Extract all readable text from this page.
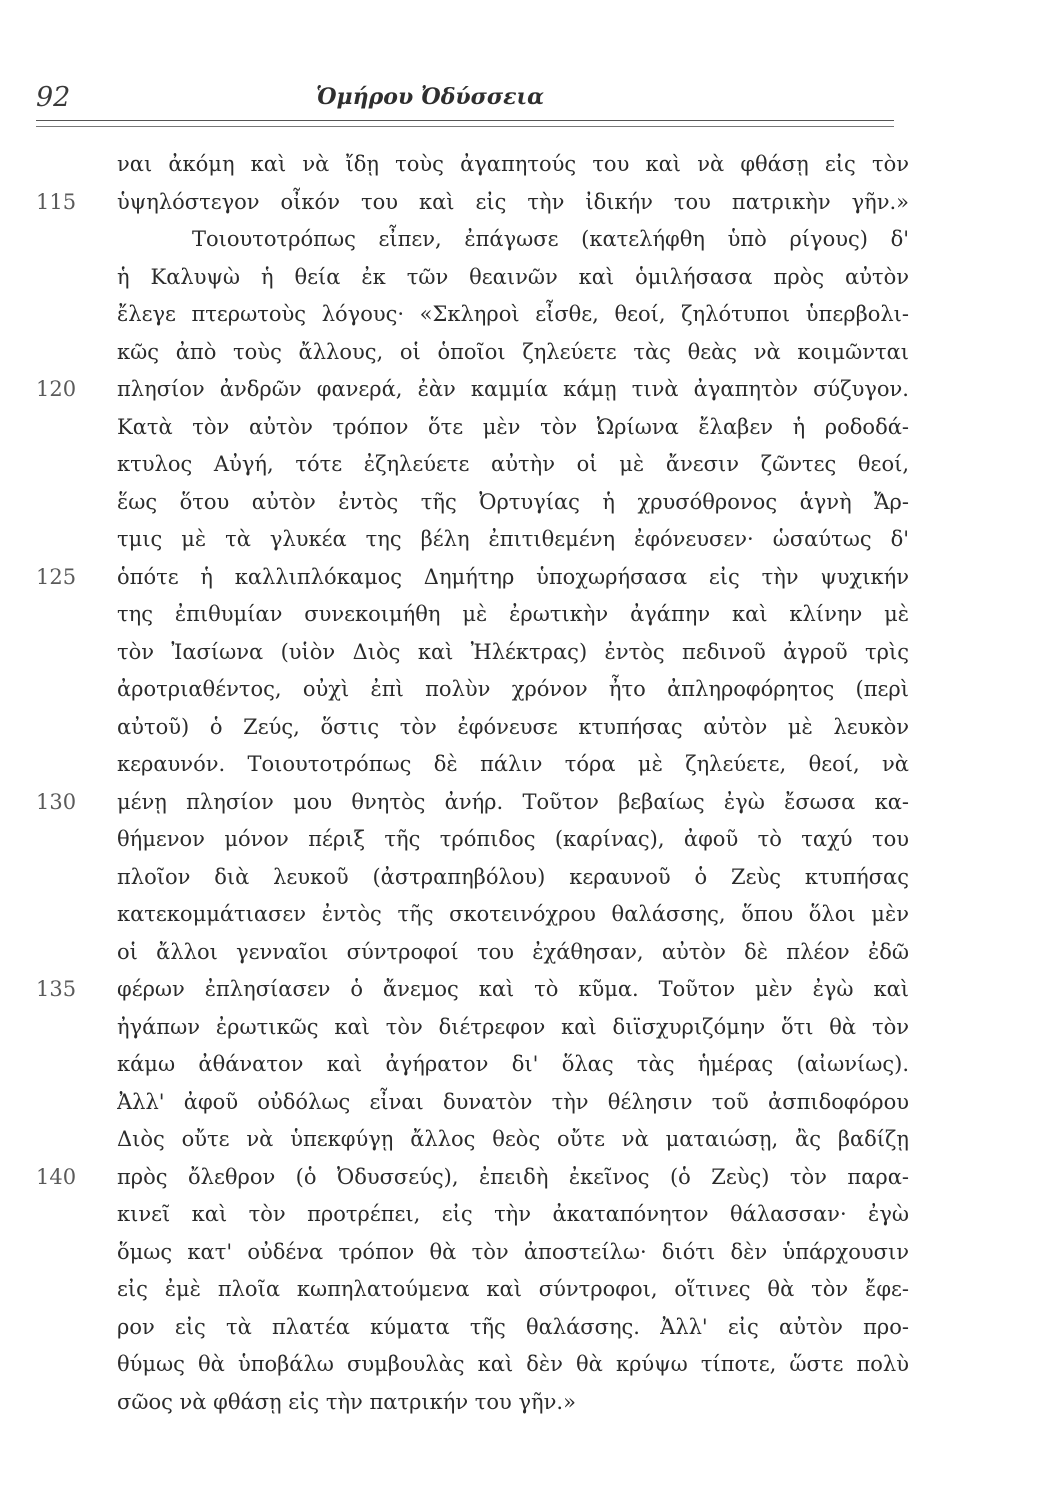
92	Ὁμήρου Ὀδύσσεια
ναι ἀκόμη καὶ νὰ ἴδῃ τοὺς ἀγαπητούς του καὶ νὰ φθάσῃ εἰς τὸν
ὑψηλόστεγον οἶκόν του καὶ εἰς τὴν ἰδικήν του πατρικὴν γῆν.»
Τοιουτοτρόπως εἶπεν, ἐπάγωσε (κατελήφθη ὑπὸ ρίγους) δ'
ἡ Καλυψὼ ἡ θεία ἐκ τῶν θεαινῶν καὶ ὁμιλήσασα πρὸς αὐτὸν
ἔλεγε πτερωτοὺς λόγους· «Σκληροὶ εἶσθε, θεοί, ζηλότυποι ὑπερβολι-
κῶς ἀπὸ τοὺς ἄλλους, οἱ ὁποῖοι ζηλεύετε τὰς θεὰς νὰ κοιμῶνται
πλησίον ἀνδρῶν φανερά, ἐὰν καμμία κάμῃ τινὰ ἀγαπητὸν σύζυγον.
Κατὰ τὸν αὐτὸν τρόπον ὅτε μὲν τὸν Ὠρίωνα ἔλαβεν ἡ ροδοδά-
κτυλος Αὐγή, τότε ἐζηλεύετε αὐτὴν οἱ μὲ ἄνεσιν ζῶντες θεοί,
ἕως ὅτου αὐτὸν ἐντὸς τῆς Ὀρτυγίας ἡ χρυσόθρονος ἁγνὴ Ἄρ-
τμις μὲ τὰ γλυκέα της βέλη ἐπιτιθεμένη ἐφόνευσεν· ὡσαύτως δ'
ὁπότε ἡ καλλιπλόκαμος Δημήτηρ ὑποχωρήσασα εἰς τὴν ψυχικήν
της ἐπιθυμίαν συνεκοιμήθη μὲ ἐρωτικὴν ἀγάπην καὶ κλίνην μὲ
τὸν Ἰασίωνα (υἱὸν Διὸς καὶ Ἠλέκτρας) ἐντὸς πεδινοῦ ἀγροῦ τρὶς
ἀροτριαθέντος, οὐχὶ ἐπὶ πολὺν χρόνον ἦτο ἀπληροφόρητος (περὶ
αὐτοῦ) ὁ Ζεύς, ὅστις τὸν ἐφόνευσε κτυπήσας αὐτὸν μὲ λευκὸν
κεραυνόν. Τοιουτοτρόπως δὲ πάλιν τόρα μὲ ζηλεύετε, θεοί, νὰ
μένῃ πλησίον μου θνητὸς ἀνήρ. Τοῦτον βεβαίως ἐγὼ ἔσωσα κα-
θήμενον μόνον πέριξ τῆς τρόπιδος (καρίνας), ἀφοῦ τὸ ταχύ του
πλοῖον διὰ λευκοῦ (ἀστραπηβόλου) κεραυνοῦ ὁ Ζεὺς κτυπήσας
κατεκομμάτιασεν ἐντὸς τῆς σκοτεινόχρου θαλάσσης, ὅπου ὅλοι μὲν
οἱ ἄλλοι γενναῖοι σύντροφοί του ἐχάθησαν, αὐτὸν δὲ πλέον ἐδῶ
φέρων ἐπλησίασεν ὁ ἄνεμος καὶ τὸ κῦμα. Τοῦτον μὲν ἐγὼ καὶ
ἠγάπων ἐρωτικῶς καὶ τὸν διέτρεφον καὶ διϊσχυριζόμην ὅτι θὰ τὸν
κάμω ἀθάνατον καὶ ἀγήρατον δι' ὅλας τὰς ἡμέρας (αἰωνίως).
Ἀλλ' ἀφοῦ οὐδόλως εἶναι δυνατὸν τὴν θέλησιν τοῦ ἀσπιδοφόρου
Διὸς οὔτε νὰ ὑπεκφύγῃ ἄλλος θεὸς οὔτε νὰ ματαιώσῃ, ἂς βαδίζῃ
πρὸς ὄλεθρον (ὁ Ὀδυσσεύς), ἐπειδὴ ἐκεῖνος (ὁ Ζεὺς) τὸν παρα-
κινεῖ καὶ τὸν προτρέπει, εἰς τὴν ἀκαταπόνητον θάλασσαν· ἐγὼ
ὅμως κατ' οὐδένα τρόπον θὰ τὸν ἀποστείλω· διότι δὲν ὑπάρχουσιν
εἰς ἐμὲ πλοῖα κωπηλατούμενα καὶ σύντροφοι, οἵτινες θὰ τὸν ἔφε-
ρον εἰς τὰ πλατέα κύματα τῆς θαλάσσης. Ἀλλ' εἰς αὐτὸν προ-
θύμως θὰ ὑποβάλω συμβουλὰς καὶ δὲν θὰ κρύψω τίποτε, ὥστε πολὺ
σῶος νὰ φθάσῃ εἰς τὴν πατρικήν του γῆν.»
115
120
125
130
135
140
